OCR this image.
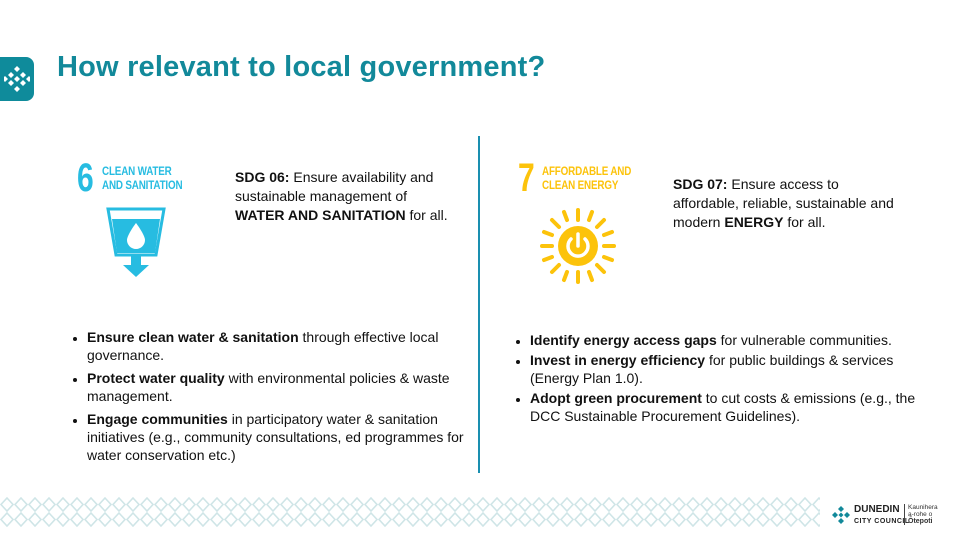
How relevant to local government?
6 CLEAN WATER
AND SANITATION	SDG 06: Ensure availability and sustainable management of WATER AND SANITATION for all.
• Ensure clean water & sanitation through effective local governance.
• Protect water quality with environmental policies & waste management.
• Engage communities in participatory water & sanitation initiatives (e.g., community consultations, ed programmes for water conservation etc.)
7 AFFORDABLE AND
CLEAN ENERGY	SDG 07: Ensure access to affordable, reliable, sustainable and modern ENERGY for all.
• Identify energy access gaps for vulnerable communities.
• Invest in energy efficiency for public buildings & services (Energy Plan 1.0).
• Adopt green procurement to cut costs & emissions (e.g., the DCC Sustainable Procurement Guidelines).
DUNEDIN
CITY COUNCIL
Kaunihera
a-rohe o
Ōtepoti
